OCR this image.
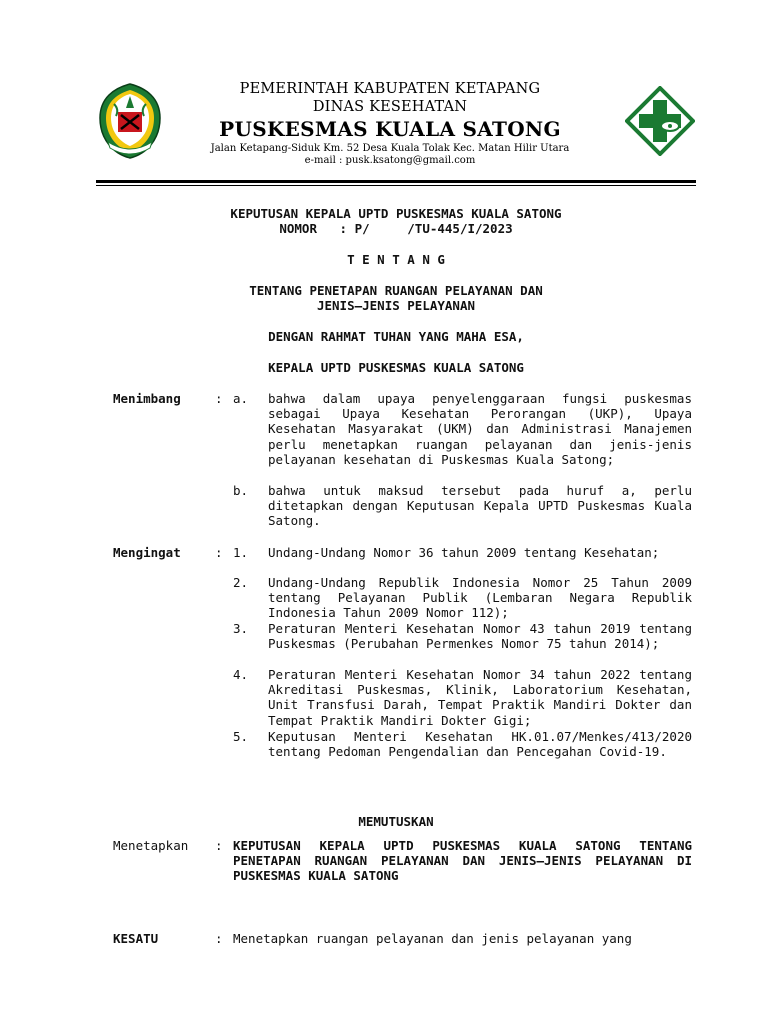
PEMERINTAH KABUPATEN KETAPANG
DINAS KESEHATAN
PUSKESMAS KUALA SATONG
Jalan Ketapang-Siduk Km. 52 Desa Kuala Tolak Kec. Matan Hilir Utara
e-mail : pusk.ksatong@gmail.com
KEPUTUSAN KEPALA UPTD PUSKESMAS KUALA SATONG
NOMOR   : P/     /TU-445/I/2023
T E N T A N G
TENTANG PENETAPAN RUANGAN PELAYANAN DAN
JENIS–JENIS PELAYANAN
DENGAN RAHMAT TUHAN YANG MAHA ESA,
KEPALA UPTD PUSKESMAS KUALA SATONG
Menimbang	: a. bahwa dalam upaya penyelenggaraan fungsi puskesmas sebagai Upaya Kesehatan Perorangan (UKP), Upaya Kesehatan Masyarakat (UKM) dan Administrasi Manajemen perlu menetapkan ruangan pelayanan dan jenis-jenis pelayanan kesehatan di Puskesmas Kuala Satong;
b. bahwa untuk maksud tersebut pada huruf a, perlu ditetapkan dengan Keputusan Kepala UPTD Puskesmas Kuala Satong.
Mengingat	: 1. Undang-Undang Nomor 36 tahun 2009 tentang Kesehatan;
2. Undang-Undang Republik Indonesia Nomor 25 Tahun 2009 tentang Pelayanan Publik (Lembaran Negara Republik Indonesia Tahun 2009 Nomor 112);
3. Peraturan Menteri Kesehatan Nomor 43 tahun 2019 tentang Puskesmas (Perubahan Permenkes Nomor 75 tahun 2014);
4. Peraturan Menteri Kesehatan Nomor 34 tahun 2022 tentang Akreditasi Puskesmas, Klinik, Laboratorium Kesehatan, Unit Transfusi Darah, Tempat Praktik Mandiri Dokter dan Tempat Praktik Mandiri Dokter Gigi;
5. Keputusan Menteri Kesehatan HK.01.07/Menkes/413/2020 tentang Pedoman Pengendalian dan Pencegahan Covid-19.
MEMUTUSKAN
Menetapkan : KEPUTUSAN KEPALA UPTD PUSKESMAS KUALA SATONG TENTANG PENETAPAN RUANGAN PELAYANAN DAN JENIS–JENIS PELAYANAN DI PUSKESMAS KUALA SATONG
KESATU	: Menetapkan ruangan pelayanan dan jenis pelayanan yang
